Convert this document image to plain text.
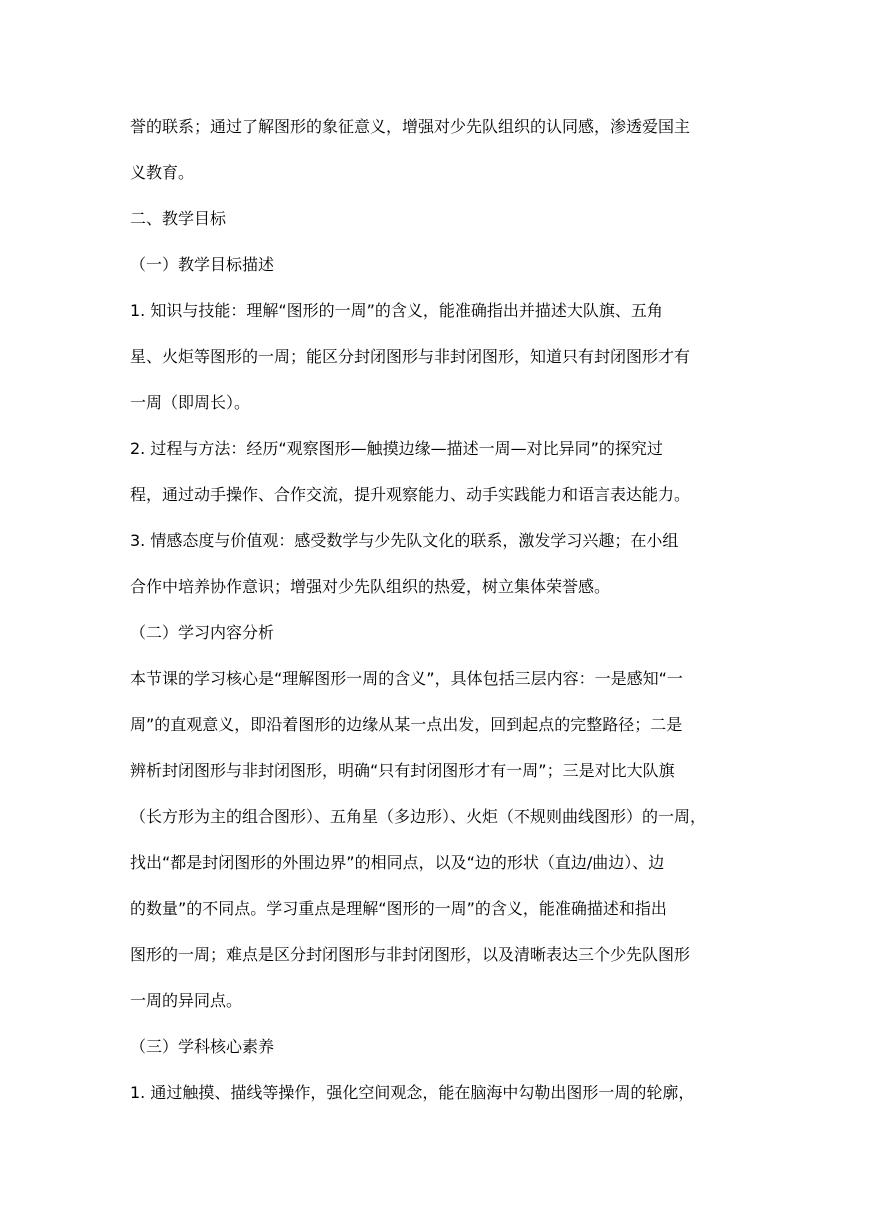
誉的联系；通过了解图形的象征意义，增强对少先队组织的认同感，渗透爱国主
义教育。
二、教学目标
（一）教学目标描述
1. 知识与技能：理解“图形的一周”的含义，能准确指出并描述大队旗、五角
星、火炬等图形的一周；能区分封闭图形与非封闭图形，知道只有封闭图形才有
一周（即周长）。
2. 过程与方法：经历“观察图形—触摸边缘—描述一周—对比异同”的探究过
程，通过动手操作、合作交流，提升观察能力、动手实践能力和语言表达能力。
3. 情感态度与价值观：感受数学与少先队文化的联系，激发学习兴趣；在小组
合作中培养协作意识；增强对少先队组织的热爱，树立集体荣誉感。
（二）学习内容分析
本节课的学习核心是“理解图形一周的含义”，具体包括三层内容：一是感知“一
周”的直观意义，即沿着图形的边缘从某一点出发，回到起点的完整路径；二是
辨析封闭图形与非封闭图形，明确“只有封闭图形才有一周”；三是对比大队旗
（长方形为主的组合图形）、五角星（多边形）、火炬（不规则曲线图形）的一周，
找出“都是封闭图形的外围边界”的相同点，以及“边的形状（直边/曲边）、边
的数量”的不同点。学习重点是理解“图形的一周”的含义，能准确描述和指出
图形的一周；难点是区分封闭图形与非封闭图形，以及清晰表达三个少先队图形
一周的异同点。
（三）学科核心素养
1. 通过触摸、描线等操作，强化空间观念，能在脑海中勾勒出图形一周的轮廓，
